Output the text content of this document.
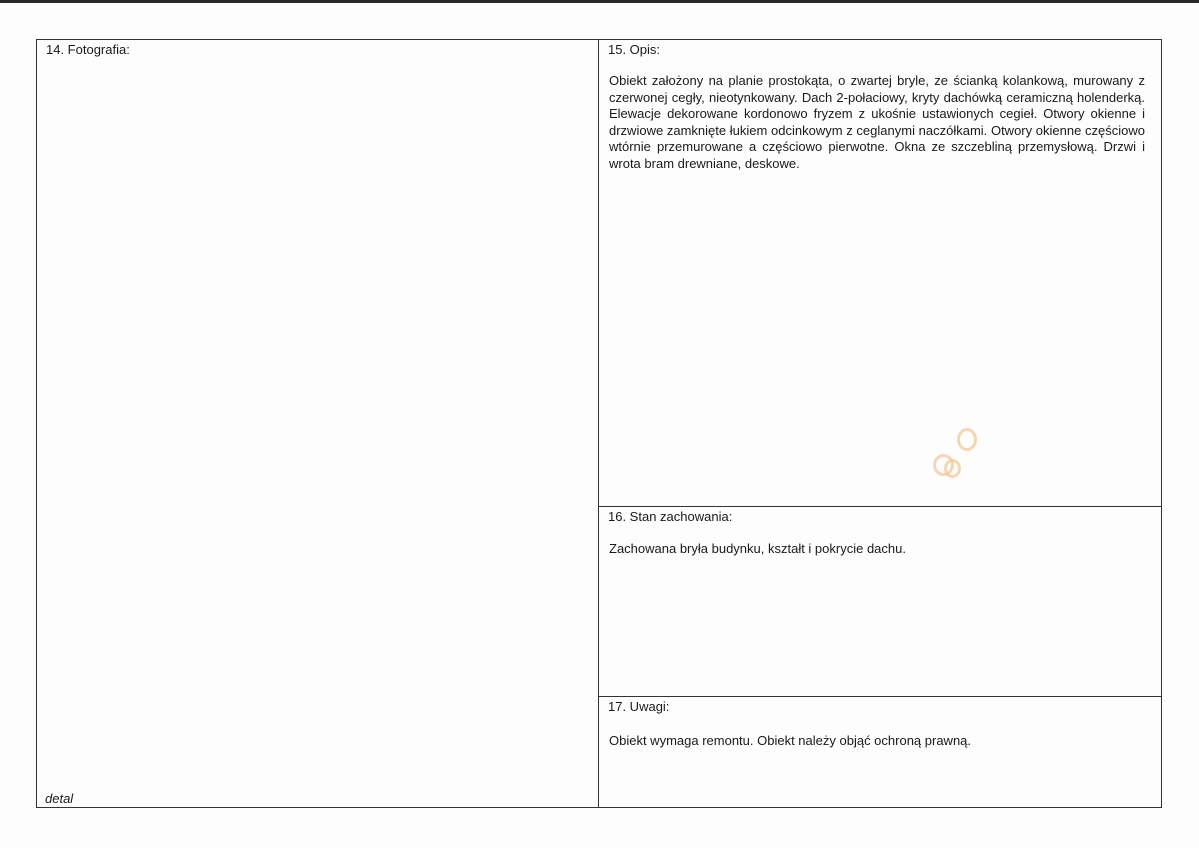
14. Fotografia:
detal
15. Opis:
Obiekt założony na planie prostokąta, o zwartej bryle, ze ścianką kolankową, murowany z czerwonej cegły, nieotynkowany. Dach 2-połaciowy, kryty dachówką ceramiczną holenderką. Elewacje dekorowane kordonowo fryzem z ukośnie ustawionych cegieł. Otwory okienne i drzwiowe zamknięte łukiem odcinkowym z ceglanymi naczółkami. Otwory okienne częściowo wtórnie przemurowane a częściowo pierwotne. Okna ze szczebliną przemysłową. Drzwi i wrota bram drewniane, deskowe.
16. Stan zachowania:
Zachowana bryła budynku, kształt i pokrycie dachu.
17. Uwagi:
Obiekt wymaga remontu. Obiekt należy objąć ochroną prawną.
